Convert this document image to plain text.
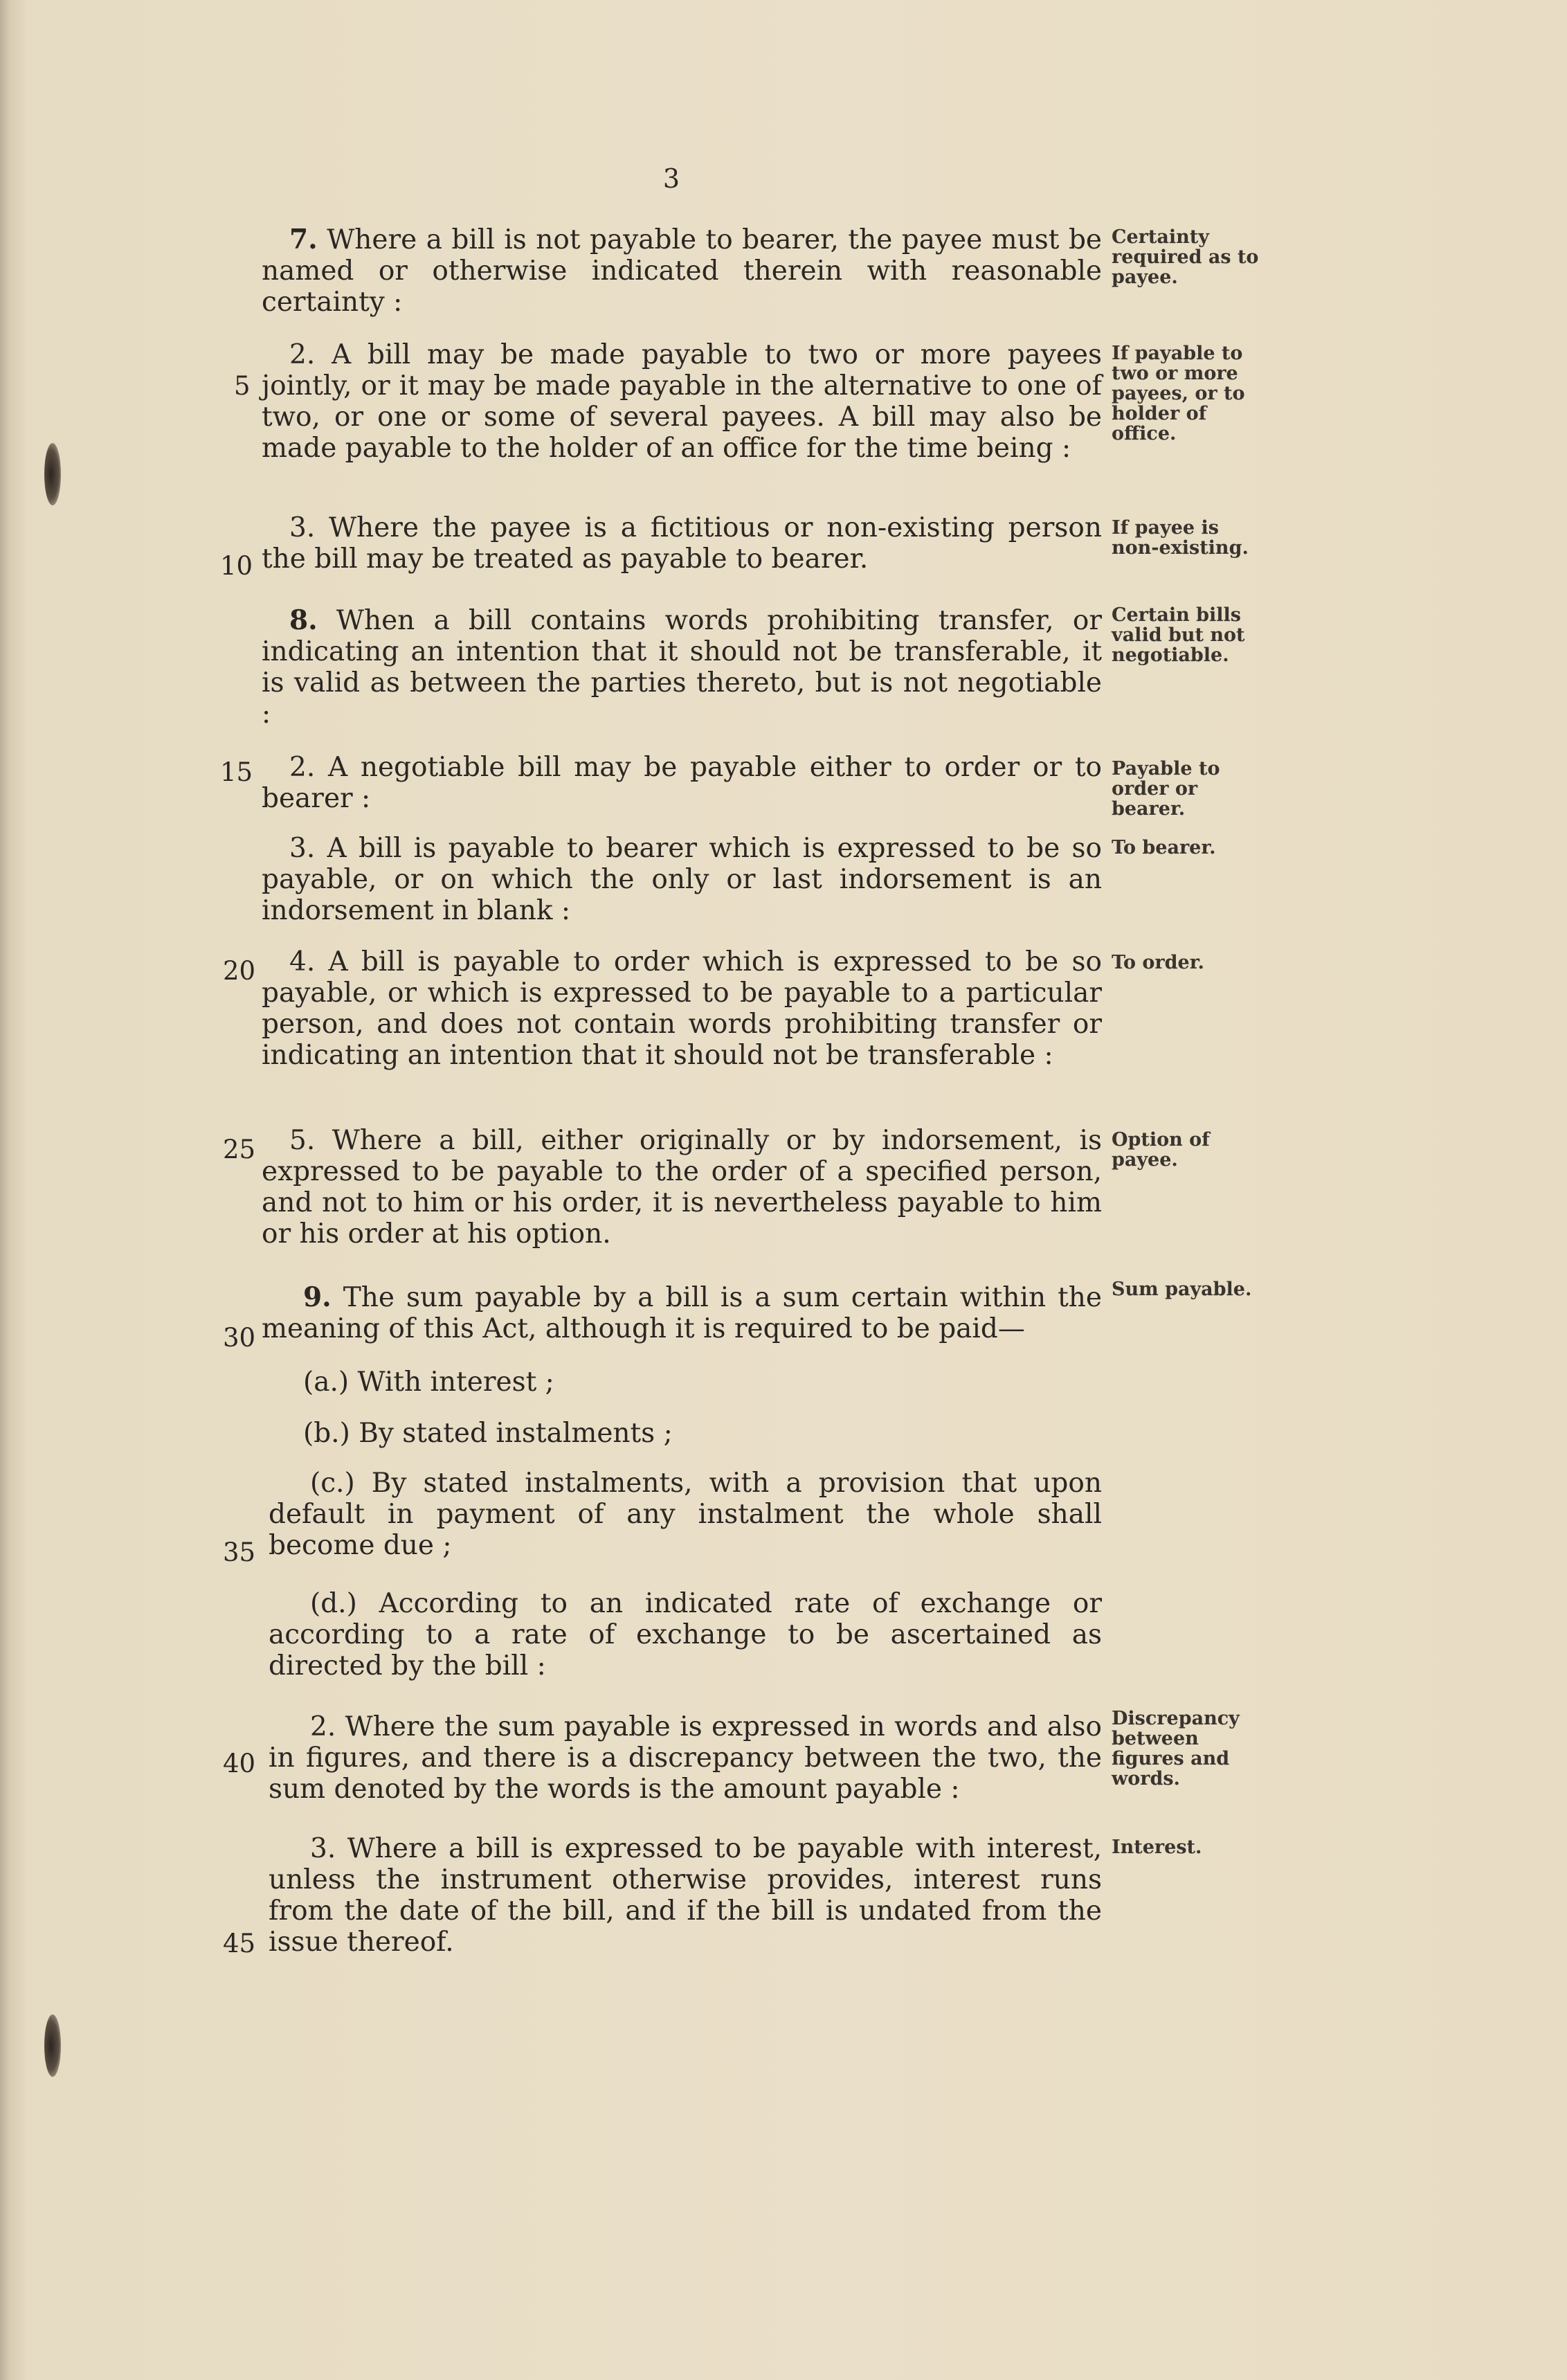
3
5
10
15
20
25
30
35
40
45

7. Where a bill is not payable to bearer, the payee must be named or otherwise indicated therein with reasonable certainty :

2. A bill may be made payable to two or more payees jointly, or it may be made payable in the alternative to one of two, or one or some of several payees. A bill may also be made payable to the holder of an office for the time being :

3. Where the payee is a fictitious or non-existing person the bill may be treated as payable to bearer.

8. When a bill contains words prohibiting transfer, or indicating an intention that it should not be transferable, it is valid as between the parties thereto, but is not negotiable :

2. A negotiable bill may be payable either to order or to bearer :

3. A bill is payable to bearer which is expressed to be so payable, or on which the only or last indorsement is an indorsement in blank :

4. A bill is payable to order which is expressed to be so payable, or which is expressed to be payable to a particular person, and does not contain words prohibiting transfer or indicating an intention that it should not be transferable :

5. Where a bill, either originally or by indorsement, is expressed to be payable to the order of a specified person, and not to him or his order, it is nevertheless payable to him or his order at his option.

9. The sum payable by a bill is a sum certain within the meaning of this Act, although it is required to be paid—

(a.) With interest ;

(b.) By stated instalments ;

(c.) By stated instalments, with a provision that upon default in payment of any instalment the whole shall become due ;

(d.) According to an indicated rate of exchange or according to a rate of exchange to be ascertained as directed by the bill :

2. Where the sum payable is expressed in words and also in figures, and there is a discrepancy between the two, the sum denoted by the words is the amount payable :

3. Where a bill is expressed to be payable with interest, unless the instrument otherwise provides, interest runs from the date of the bill, and if the bill is undated from the issue thereof.

Certainty required as to payee.
If payable to two or more payees, or to holder of office.
If payee is non-existing.
Certain bills valid but not negotiable.
Payable to order or bearer.
To bearer.
To order.
Option of payee.
Sum payable.
Discrepancy between figures and words.
Interest.
